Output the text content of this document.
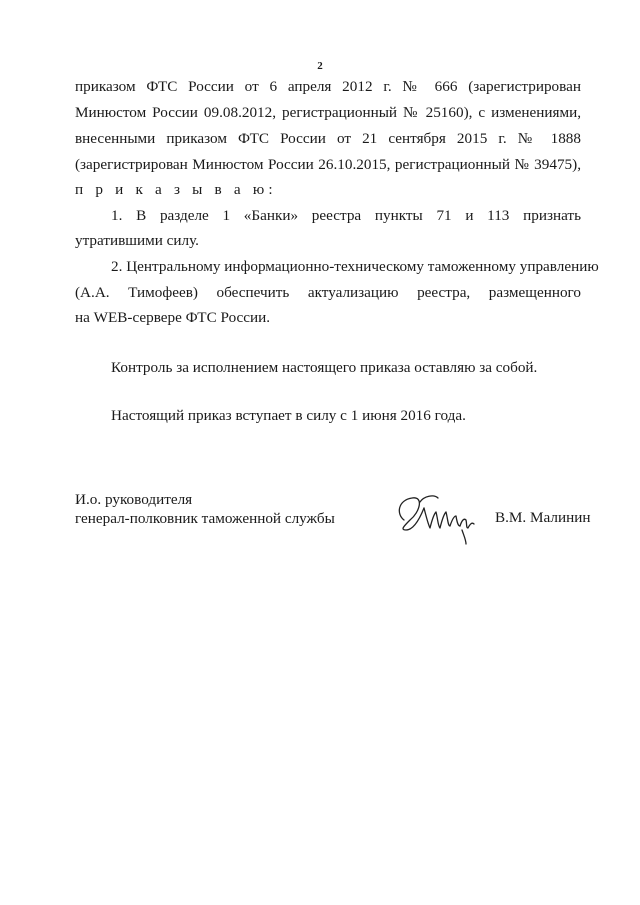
2
приказом ФТС России от 6 апреля 2012 г. № 666 (зарегистрирован
Минюстом России 09.08.2012, регистрационный № 25160), с изменениями,
внесенными приказом ФТС России от 21 сентября 2015 г. № 1888
(зарегистрирован Минюстом России 26.10.2015, регистрационный № 39475),
п р и к а з ы в а ю:
1. В разделе 1 «Банки» реестра пункты 71 и 113 признать
утратившими силу.
2. Центральному информационно-техническому таможенному управлению
(А.А. Тимофеев) обеспечить актуализацию реестра, размещенного
на WEB-сервере ФТС России.
Контроль за исполнением настоящего приказа оставляю за собой.
Настоящий приказ вступает в силу с 1 июня 2016 года.
И.о. руководителя
генерал-полковник таможенной службы	В.М. Малинин
